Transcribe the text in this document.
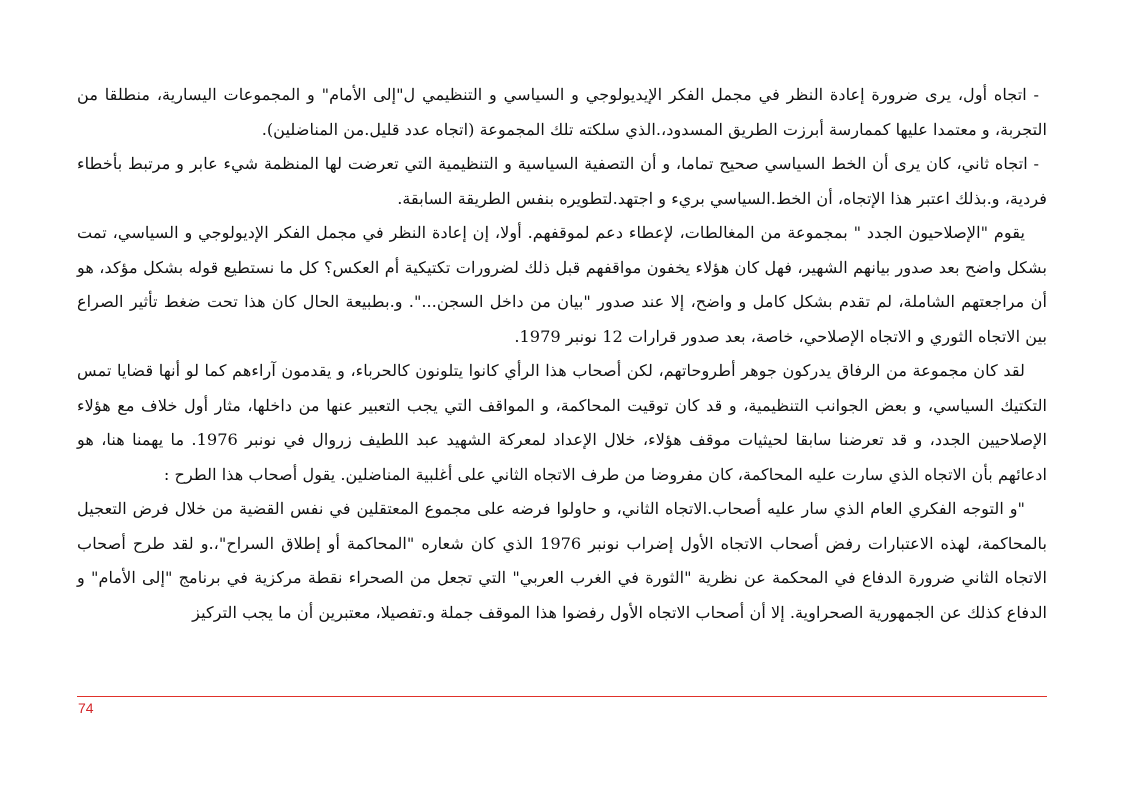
- اتجاه أول، يرى ضرورة إعادة النظر في مجمل الفكر الإيديولوجي و السياسي و التنظيمي ل"إلى الأمام" و المجموعات اليسارية، منطلقا من التجربة، و معتمدا عليها كممارسة أبرزت الطريق المسدود،.الذي سلكته تلك المجموعة (اتجاه عدد قليل.من المناضلين).

- اتجاه ثاني، كان يرى أن الخط السياسي صحيح تماما، و أن التصفية السياسية و التنظيمية التي تعرضت لها المنظمة شيء عابر و مرتبط بأخطاء فردية، و.بذلك اعتبر هذا الإتجاه، أن الخط.السياسي بريء و اجتهد.لتطويره بنفس الطريقة السابقة.

يقوم "الإصلاحيون الجدد " بمجموعة من المغالطات، لإعطاء دعم لموقفهم. أولا، إن إعادة النظر في مجمل الفكر الإديولوجي و السياسي، تمت بشكل واضح بعد صدور بيانهم الشهير، فهل كان هؤلاء يخفون مواقفهم قبل ذلك لضرورات تكتيكية أم العكس؟ كل ما نستطيع قوله بشكل مؤكد، هو أن مراجعتهم الشاملة، لم تقدم بشكل كامل و واضح، إلا عند صدور "بيان من داخل السجن...". و.بطبيعة الحال كان هذا تحت ضغط تأثير الصراع بين الاتجاه الثوري و الاتجاه الإصلاحي، خاصة، بعد صدور قرارات 12 نونبر 1979.

لقد كان مجموعة من الرفاق يدركون جوهر أطروحاتهم، لكن أصحاب هذا الرأي كانوا يتلونون كالحرباء، و يقدمون آراءهم كما لو أنها قضايا تمس التكتيك السياسي، و بعض الجوانب التنظيمية، و قد كان توقيت المحاكمة، و المواقف التي يجب التعبير عنها من داخلها، مثار أول خلاف مع هؤلاء الإصلاحيين الجدد، و قد تعرضنا سابقا لحيثيات موقف هؤلاء، خلال الإعداد لمعركة الشهيد عبد اللطيف زروال في نونبر 1976. ما يهمنا هنا، هو ادعائهم بأن الاتجاه الذي سارت عليه المحاكمة، كان مفروضا من طرف الاتجاه الثاني على أغلبية المناضلين. يقول أصحاب هذا الطرح :

"و التوجه الفكري العام الذي سار عليه أصحاب.الاتجاه الثاني، و حاولوا فرضه على مجموع المعتقلين في نفس القضية من خلال فرض التعجيل بالمحاكمة، لهذه الاعتبارات رفض أصحاب الاتجاه الأول إضراب نونبر 1976 الذي كان شعاره "المحاكمة أو إطلاق السراح"،.و لقد طرح أصحاب الاتجاه الثاني ضرورة الدفاع في المحكمة عن نظرية "الثورة في الغرب العربي" التي تجعل من الصحراء نقطة مركزية في برنامج "إلى الأمام" و الدفاع كذلك عن الجمهورية الصحراوية. إلا أن أصحاب الاتجاه الأول رفضوا هذا الموقف جملة و.تفصيلا، معتبرين أن ما يجب التركيز

74
